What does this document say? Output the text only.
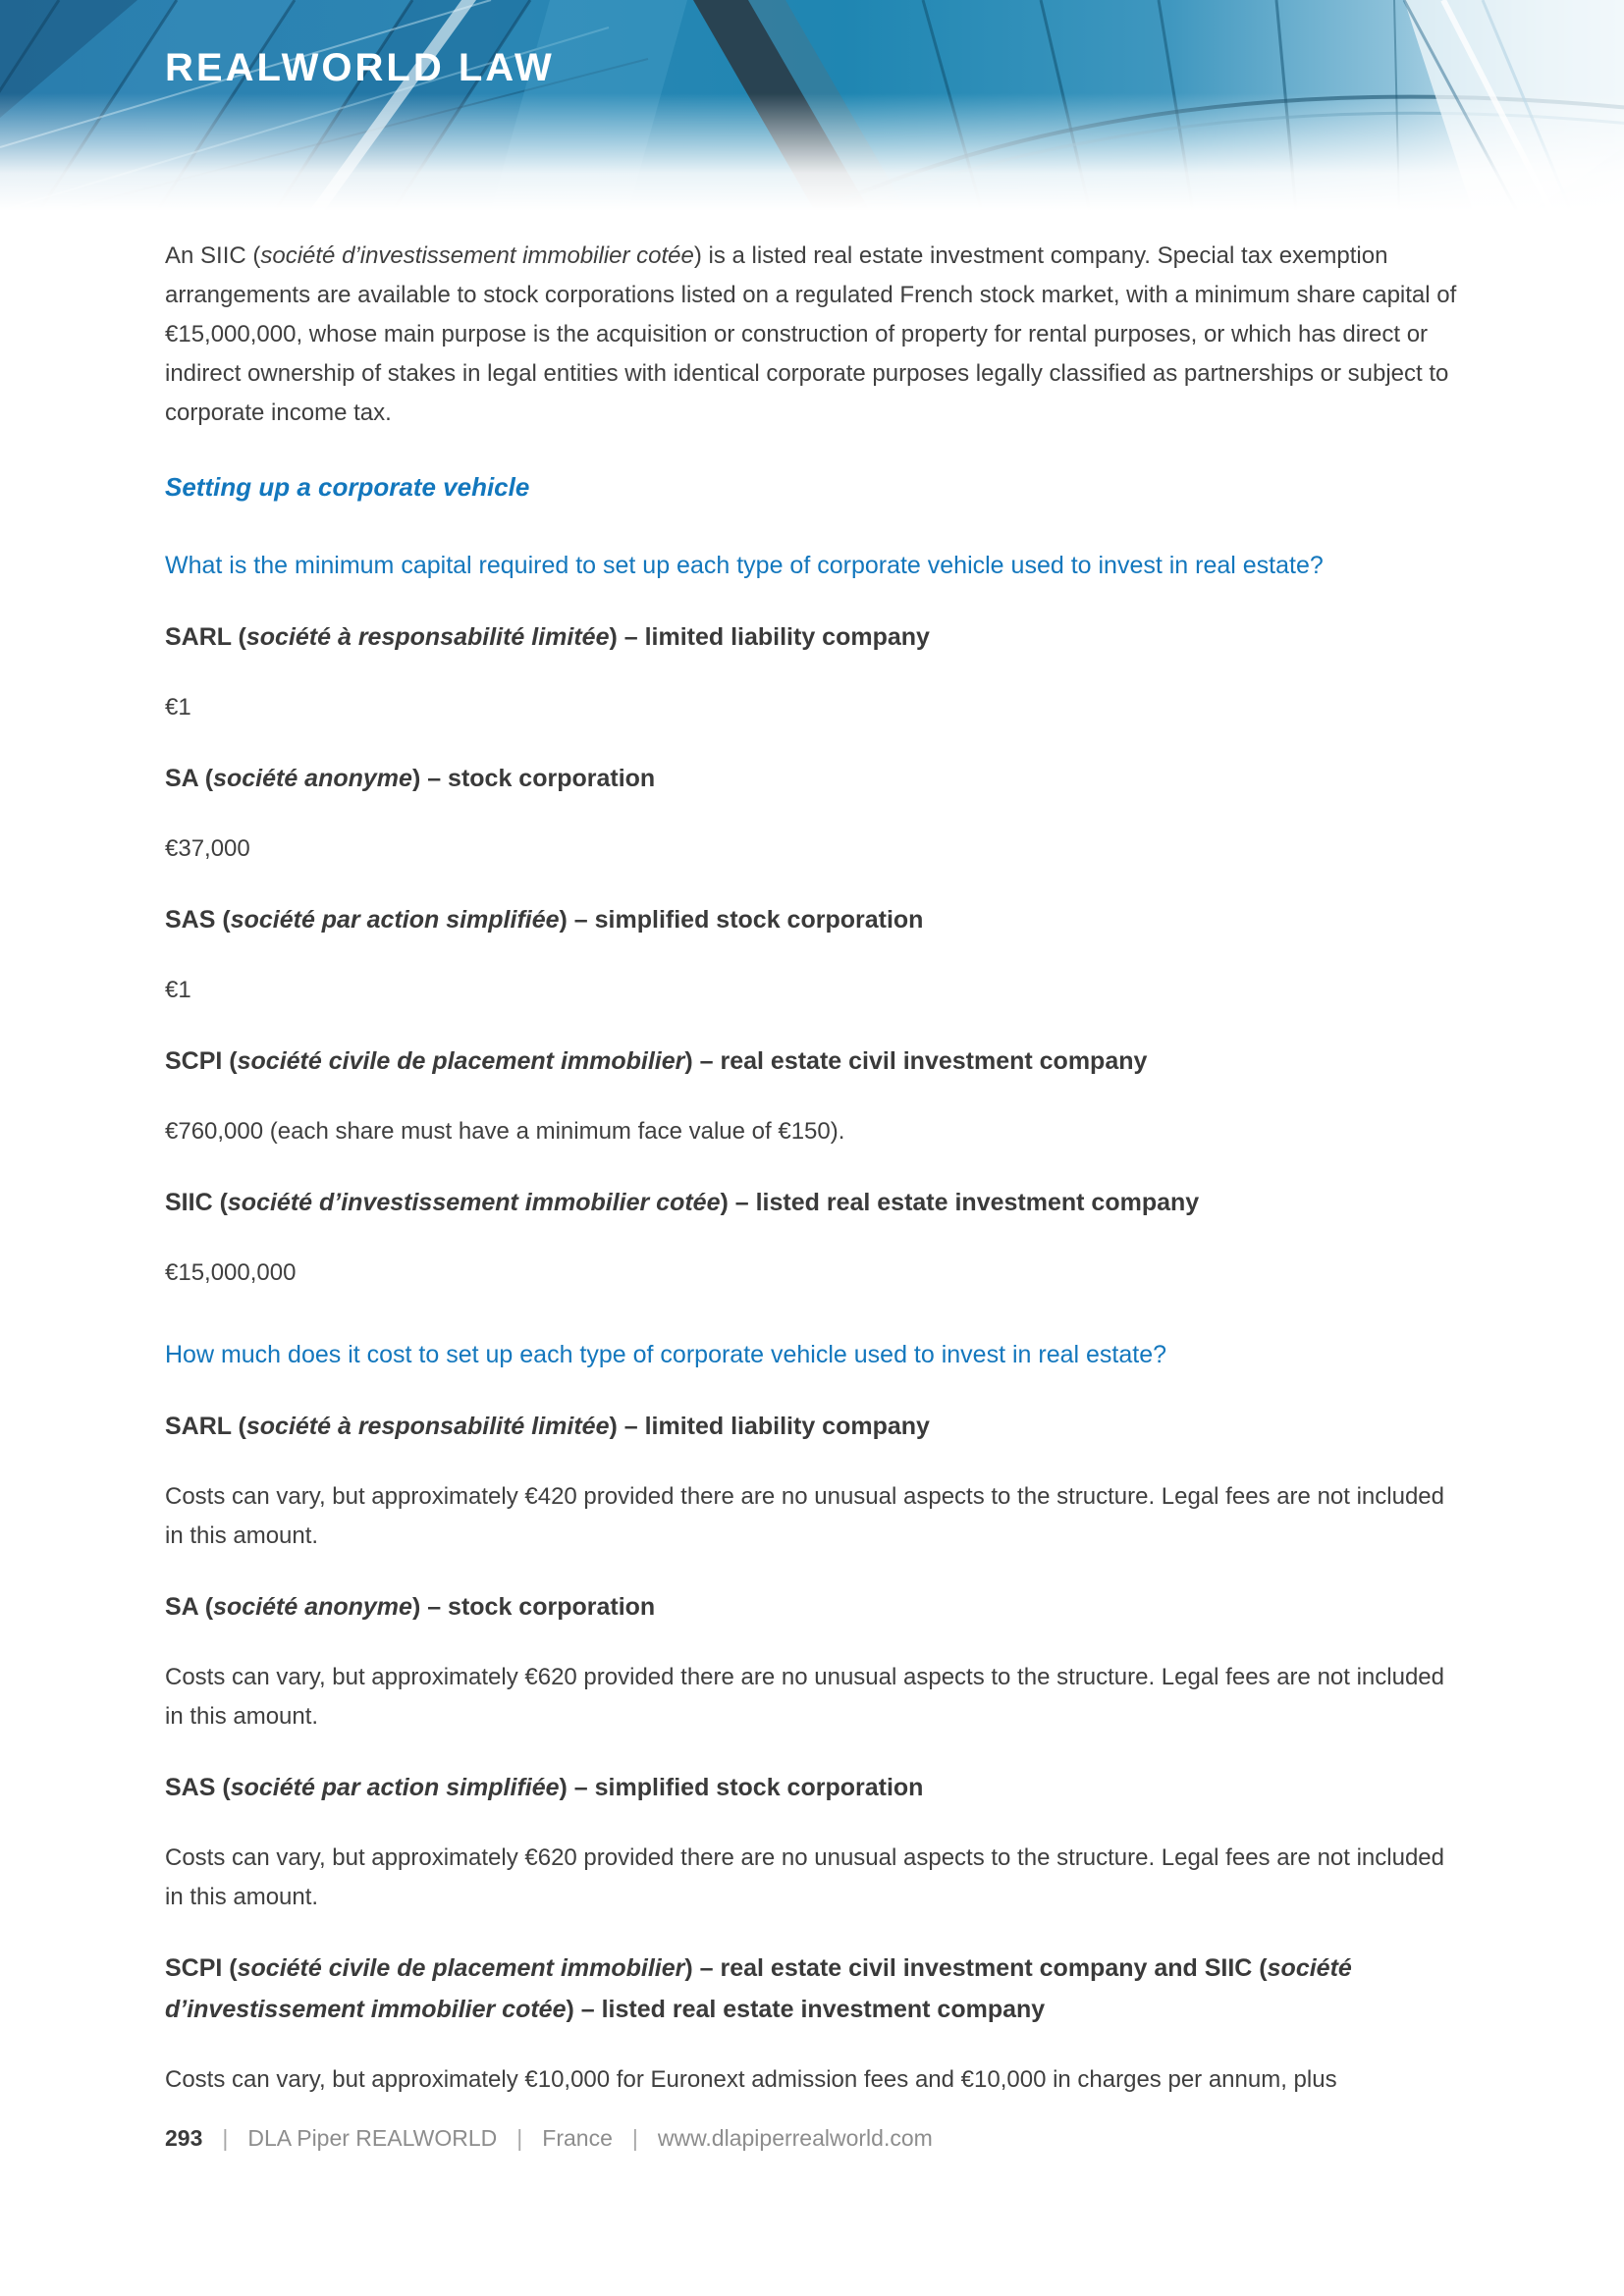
REALWORLD LAW

An SIIC (société d’investissement immobilier cotée) is a listed real estate investment company. Special tax exemption arrangements are available to stock corporations listed on a regulated French stock market, with a minimum share capital of €15,000,000, whose main purpose is the acquisition or construction of property for rental purposes, or which has direct or indirect ownership of stakes in legal entities with identical corporate purposes legally classified as partnerships or subject to corporate income tax.

Setting up a corporate vehicle
What is the minimum capital required to set up each type of corporate vehicle used to invest in real estate?
SARL (société à responsabilité limitée) – limited liability company

€1

SA (société anonyme) – stock corporation

€37,000

SAS (société par action simplifiée) – simplified stock corporation

€1

SCPI (société civile de placement immobilier) – real estate civil investment company

€760,000 (each share must have a minimum face value of €150).

SIIC (société d’investissement immobilier cotée) – listed real estate investment company

€15,000,000

How much does it cost to set up each type of corporate vehicle used to invest in real estate?
SARL (société à responsabilité limitée) – limited liability company

Costs can vary, but approximately €420 provided there are no unusual aspects to the structure. Legal fees are not included in this amount.

SA (société anonyme) – stock corporation

Costs can vary, but approximately €620 provided there are no unusual aspects to the structure. Legal fees are not included in this amount.

SAS (société par action simplifiée) – simplified stock corporation

Costs can vary, but approximately €620 provided there are no unusual aspects to the structure. Legal fees are not included in this amount.

SCPI (société civile de placement immobilier) – real estate civil investment company and SIIC (société d’investissement immobilier cotée) – listed real estate investment company

Costs can vary, but approximately €10,000 for Euronext admission fees and €10,000 in charges per annum, plus

293 | DLA Piper REALWORLD | France | www.dlapiperrealworld.com
